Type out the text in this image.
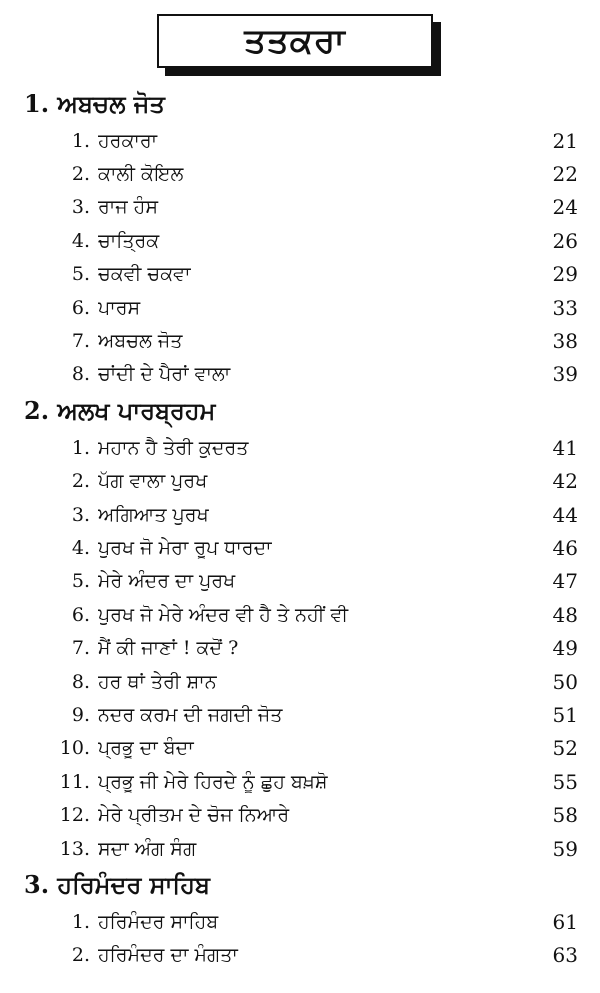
ਤਤਕਰਾ
1. ਅਬਚਲ ਜੋਤ
1. ਹਰਕਾਰਾ	21
2. ਕਾਲੀ ਕੋਇਲ	22
3. ਰਾਜ ਹੰਸ	24
4. ਚਾਤ੍ਰਿਕ	26
5. ਚਕਵੀ ਚਕਵਾ	29
6. ਪਾਰਸ	33
7. ਅਬਚਲ ਜੋਤ	38
8. ਚਾਂਦੀ ਦੇ ਪੈਰਾਂ ਵਾਲਾ	39
2. ਅਲਖ ਪਾਰਬ੍ਰਹਮ
1. ਮਹਾਨ ਹੈ ਤੇਰੀ ਕੁਦਰਤ	41
2. ਪੱਗ ਵਾਲਾ ਪੁਰਖ	42
3. ਅਗਿਆਤ ਪੁਰਖ	44
4. ਪੁਰਖ ਜੋ ਮੇਰਾ ਰੂਪ ਧਾਰਦਾ	46
5. ਮੇਰੇ ਅੰਦਰ ਦਾ ਪੁਰਖ	47
6. ਪੁਰਖ ਜੋ ਮੇਰੇ ਅੰਦਰ ਵੀ ਹੈ ਤੇ ਨਹੀਂ ਵੀ	48
7. ਮੈਂ ਕੀ ਜਾਣਾਂ ! ਕਦੋਂ ?	49
8. ਹਰ ਥਾਂ ਤੇਰੀ ਸ਼ਾਨ	50
9. ਨਦਰ ਕਰਮ ਦੀ ਜਗਦੀ ਜੋਤ	51
10. ਪ੍ਰਭੂ ਦਾ ਬੰਦਾ	52
11. ਪ੍ਰਭੂ ਜੀ ਮੇਰੇ ਹਿਰਦੇ ਨੂੰ ਛੁਹ ਬਖ਼ਸ਼ੋ	55
12. ਮੇਰੇ ਪ੍ਰੀਤਮ ਦੇ ਚੋਜ ਨਿਆਰੇ	58
13. ਸਦਾ ਅੰਗ ਸੰਗ	59
3. ਹਰਿਮੰਦਰ ਸਾਹਿਬ
1. ਹਰਿਮੰਦਰ ਸਾਹਿਬ	61
2. ਹਰਿਮੰਦਰ ਦਾ ਮੰਗਤਾ	63
